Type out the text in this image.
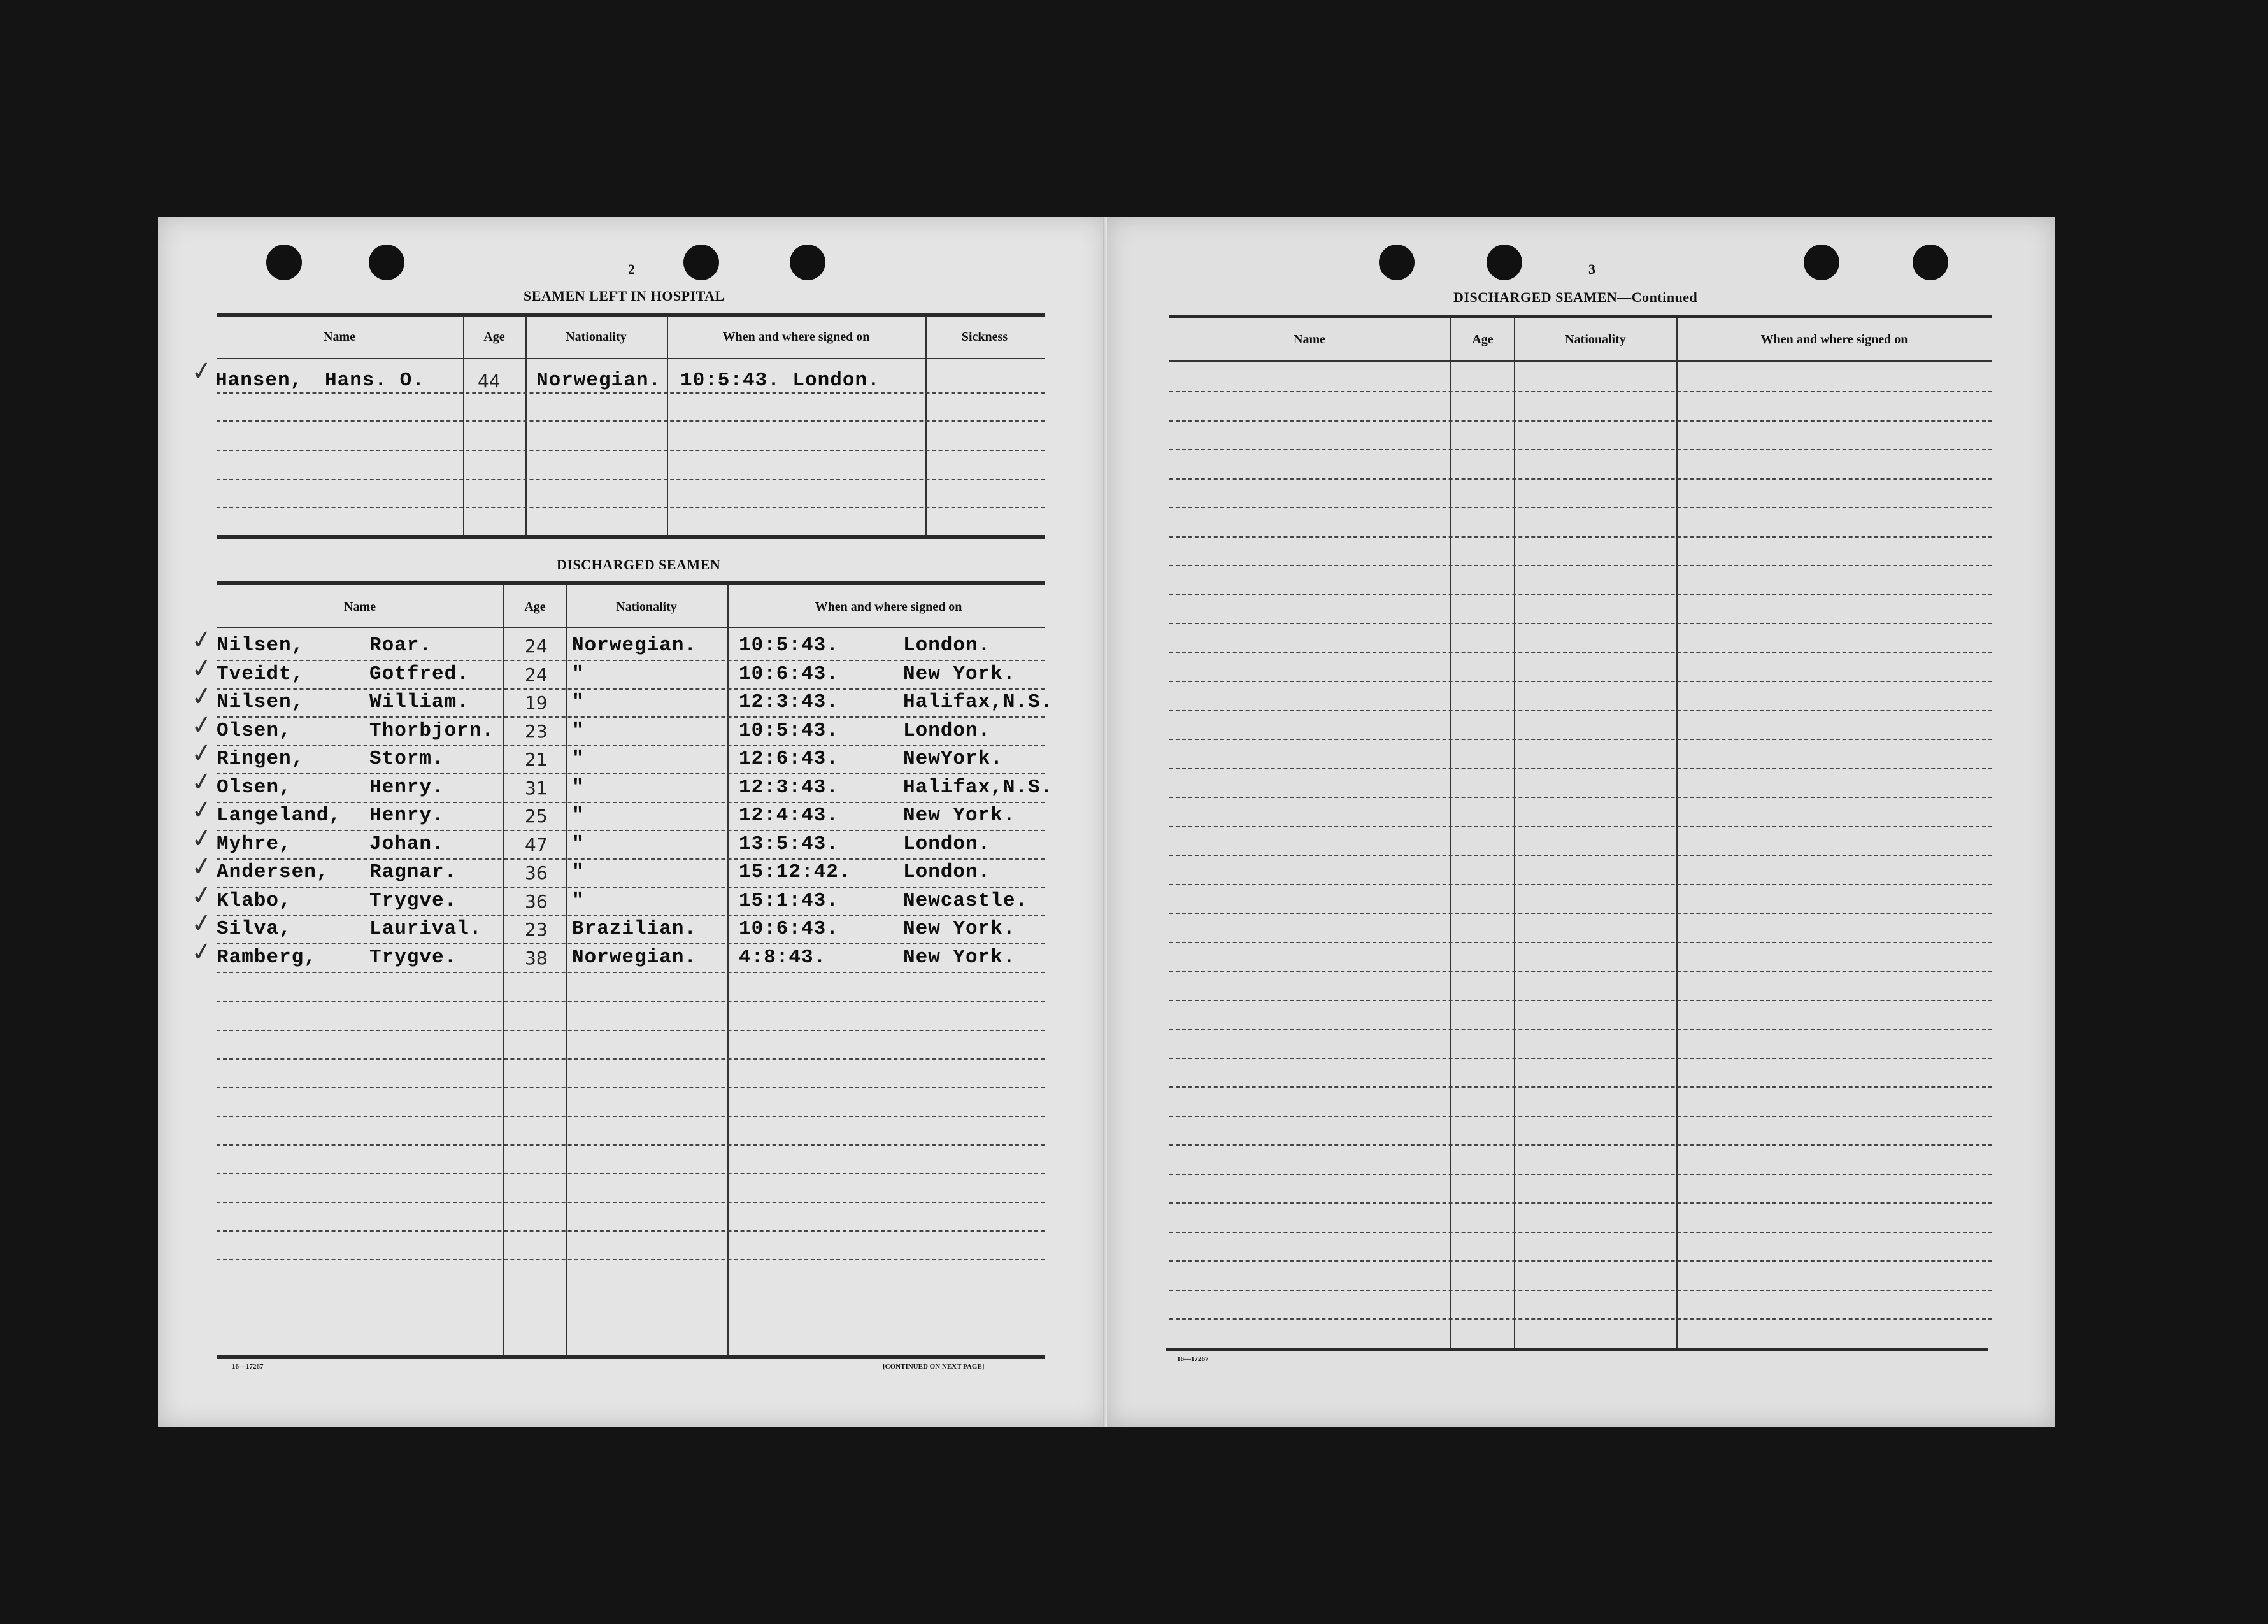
2
SEAMEN LEFT IN HOSPITAL
Name	Age	Nationality	When and where signed on	Sickness
✓ Hansen, Hans. O.	44 Norwegian. 10:5:43. London.
DISCHARGED SEAMEN
Name	Age	Nationality	When and where signed on
✓ Nilsen,	Roar.	24 Norwegian. 10:5:43.	London.
✓ Tveidt,	Gotfred.	24 "	10:6:43.	New York.
✓ Nilsen,	William.	19 "	12:3:43.	Halifax,N.S.
✓ Olsen,	Thorbjorn. 23 "	10:5:43.	London.
✓ Ringen,	Storm.	21 "	12:6:43.	NewYork.
✓ Olsen,	Henry.	31 "	12:3:43.	Halifax,N.S.
✓ Langeland, Henry.	25 "	12:4:43.	New York.
✓ Myhre,	Johan.	47 "	13:5:43.	London.
✓ Andersen, Ragnar.	36 "	15:12:42.	London.
✓ Klabo,	Trygve.	36 "	15:1:43.	Newcastle.
✓ Silva,	Laurival. 23 Brazilian. 10:6:43.	New York.
✓ Ramberg,	Trygve.	38 Norwegian. 4:8:43.	New York.
16—17267	[CONTINUED ON NEXT PAGE]
3
DISCHARGED SEAMEN—Continued
Name	Age	Nationality	When and where signed on
16—17267
